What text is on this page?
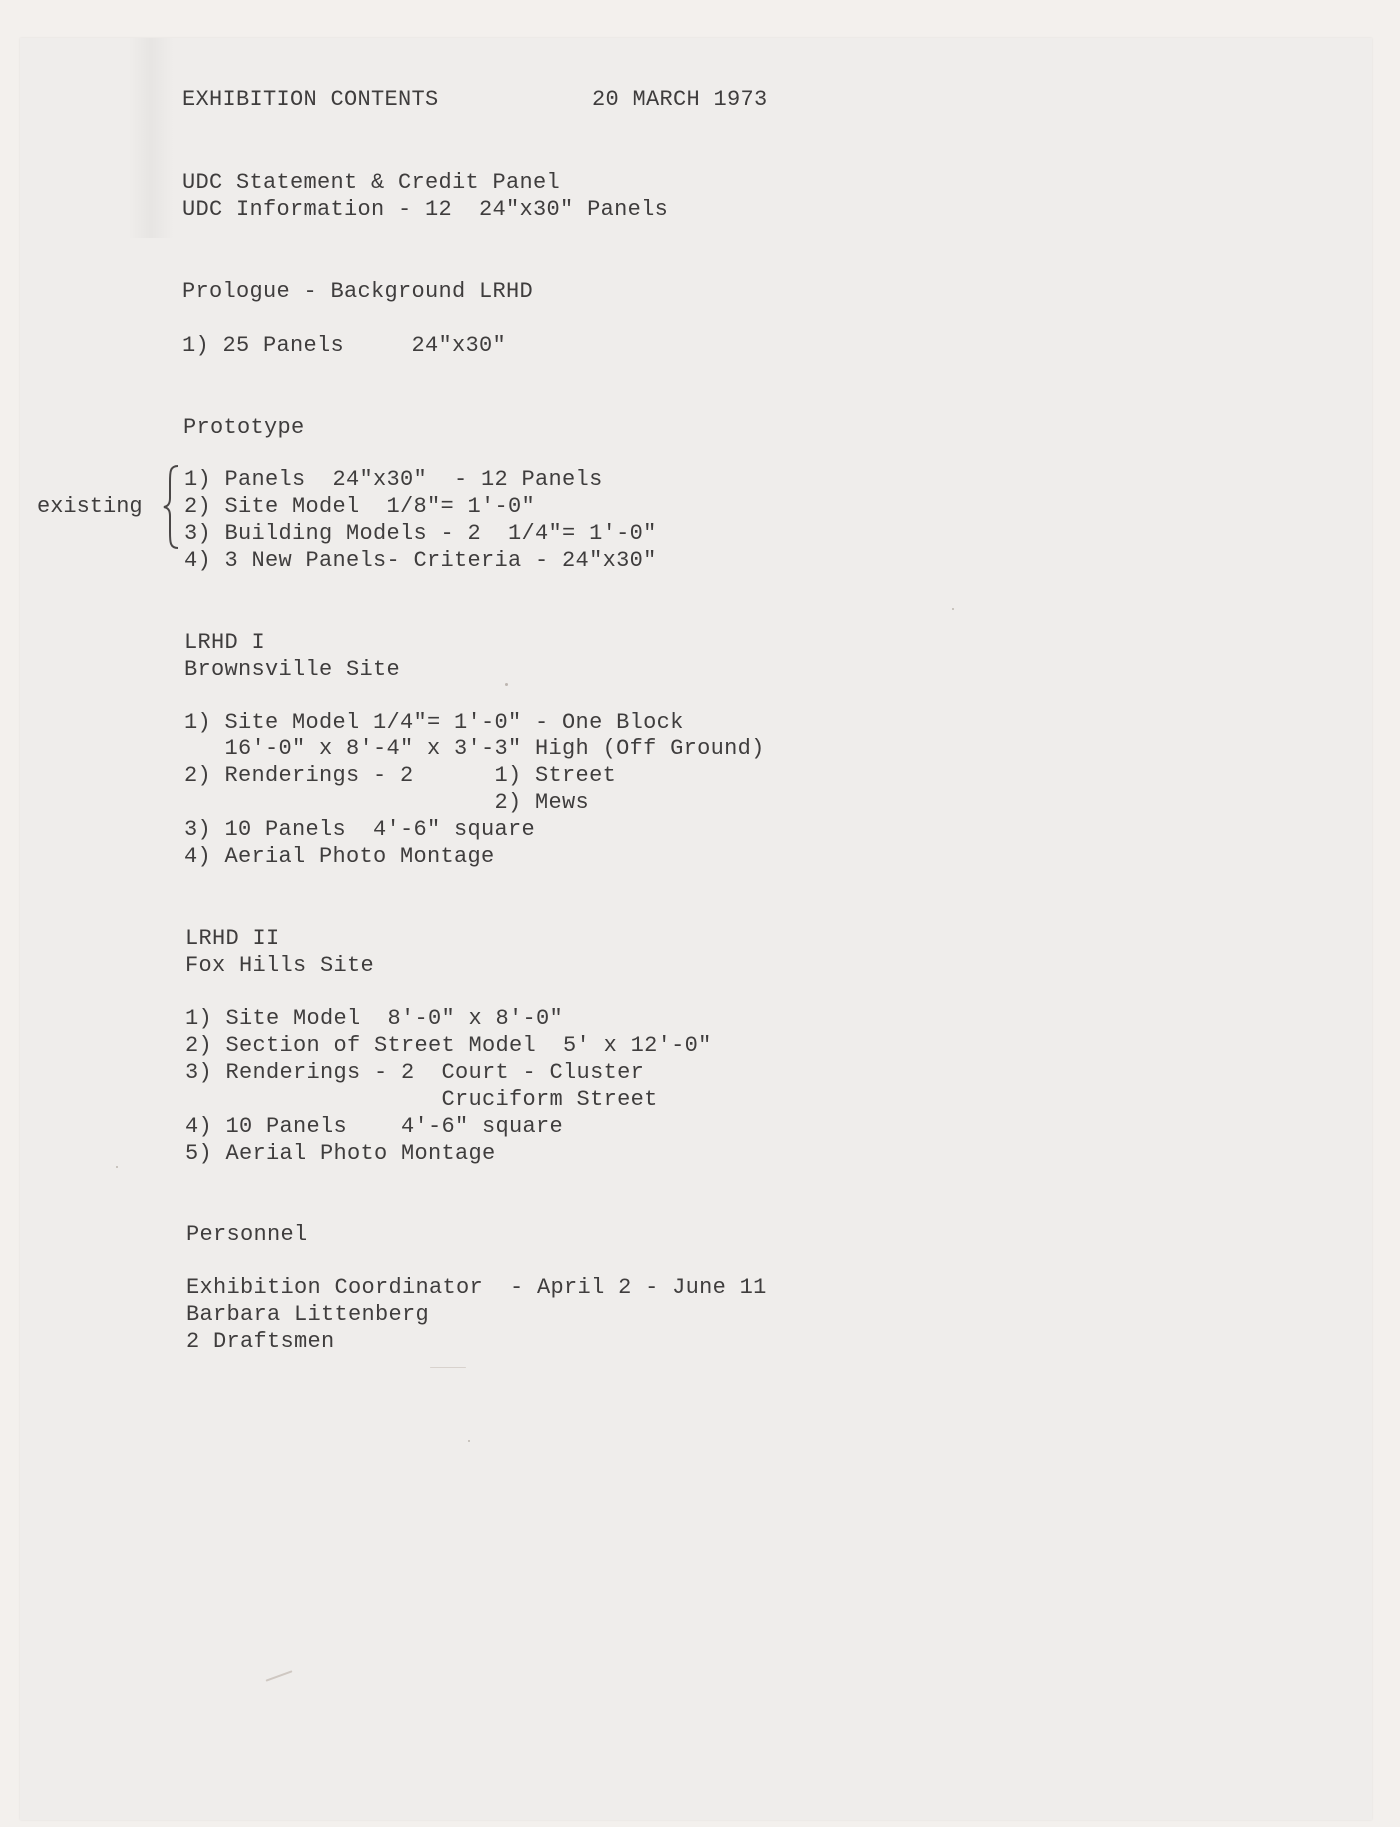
EXHIBITION CONTENTS	20 MARCH 1973
UDC Statement & Credit Panel
UDC Information - 12  24"x30" Panels
Prologue - Background LRHD
1) 25 Panels     24"x30"
Prototype
existing
1) Panels  24"x30"  - 12 Panels
2) Site Model  1/8"= 1'-0"
3) Building Models - 2  1/4"= 1'-0"
4) 3 New Panels- Criteria - 24"x30"
LRHD I
Brownsville Site
1) Site Model 1/4"= 1'-0" - One Block
16'-0" x 8'-4" x 3'-3" High (Off Ground)
2) Renderings - 2      1) Street
2) Mews
3) 10 Panels  4'-6" square
4) Aerial Photo Montage
LRHD II
Fox Hills Site
1) Site Model  8'-0" x 8'-0"
2) Section of Street Model  5' x 12'-0"
3) Renderings - 2  Court - Cluster
Cruciform Street
4) 10 Panels    4'-6" square
5) Aerial Photo Montage
Personnel
Exhibition Coordinator  - April 2 - June 11
Barbara Littenberg
2 Draftsmen
